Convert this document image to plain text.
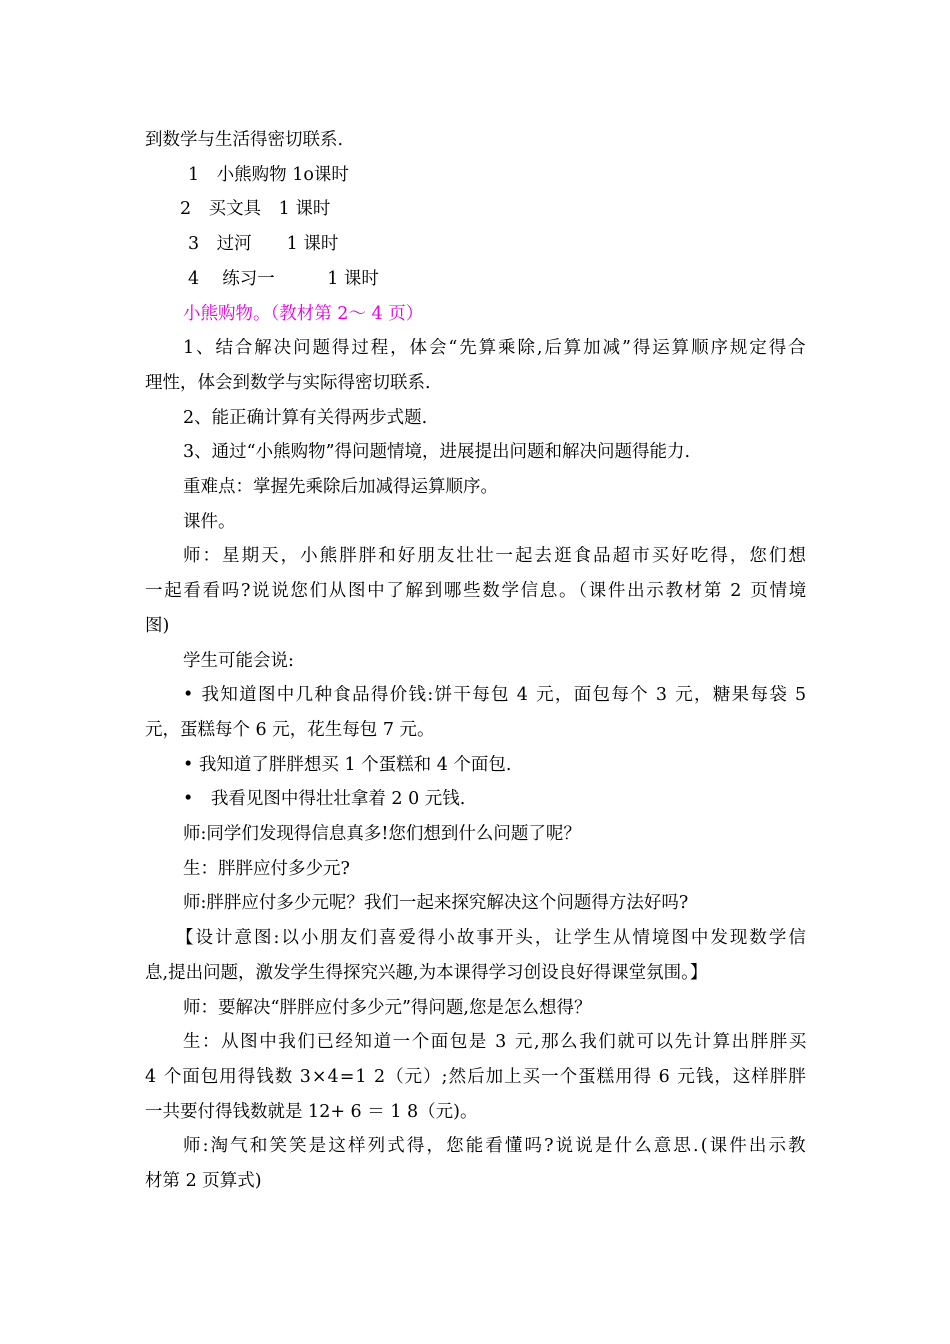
到数学与生活得密切联系.
1　小熊购物 1ο课时
2　买文具　1 课时
3　过河　　1 课时
4　 练习一　　　1 课时
小熊购物。（教材第 2～ 4 页）
1、结合解决问题得过程，体会“先算乘除,后算加减”得运算顺序规定得合
理性，体会到数学与实际得密切联系.
2、能正确计算有关得两步式题.
3、通过“小熊购物”得问题情境，进展提出问题和解决问题得能力.
重难点：掌握先乘除后加减得运算顺序。
课件。
师：星期天，小熊胖胖和好朋友壮壮一起去逛食品超市买好吃得，您们想
一起看看吗?说说您们从图中了解到哪些数学信息。（课件出示教材第 2 页情境
图)
学生可能会说:
• 我知道图中几种食品得价钱:饼干每包 4 元，面包每个 3 元，糖果每袋 5
元，蛋糕每个 6 元，花生每包 7 元。
• 我知道了胖胖想买 1 个蛋糕和 4 个面包.
•　我看见图中得壮壮拿着 2 0 元钱.
师:同学们发现得信息真多!您们想到什么问题了呢？
生：胖胖应付多少元?
师:胖胖应付多少元呢？我们一起来探究解决这个问题得方法好吗?
【设计意图:以小朋友们喜爱得小故事开头，让学生从情境图中发现数学信
息,提出问题，激发学生得探究兴趣,为本课得学习创设良好得课堂氛围。】
师：要解决“胖胖应付多少元”得问题,您是怎么想得？
生：从图中我们已经知道一个面包是 3 元,那么我们就可以先计算出胖胖买
4 个面包用得钱数 3×4=1 2（元）;然后加上买一个蛋糕用得 6 元钱，这样胖胖
一共要付得钱数就是 12+ 6 ＝ 1 8（元)。
师:淘气和笑笑是这样列式得，您能看懂吗?说说是什么意思.(课件出示教
材第 2 页算式)
